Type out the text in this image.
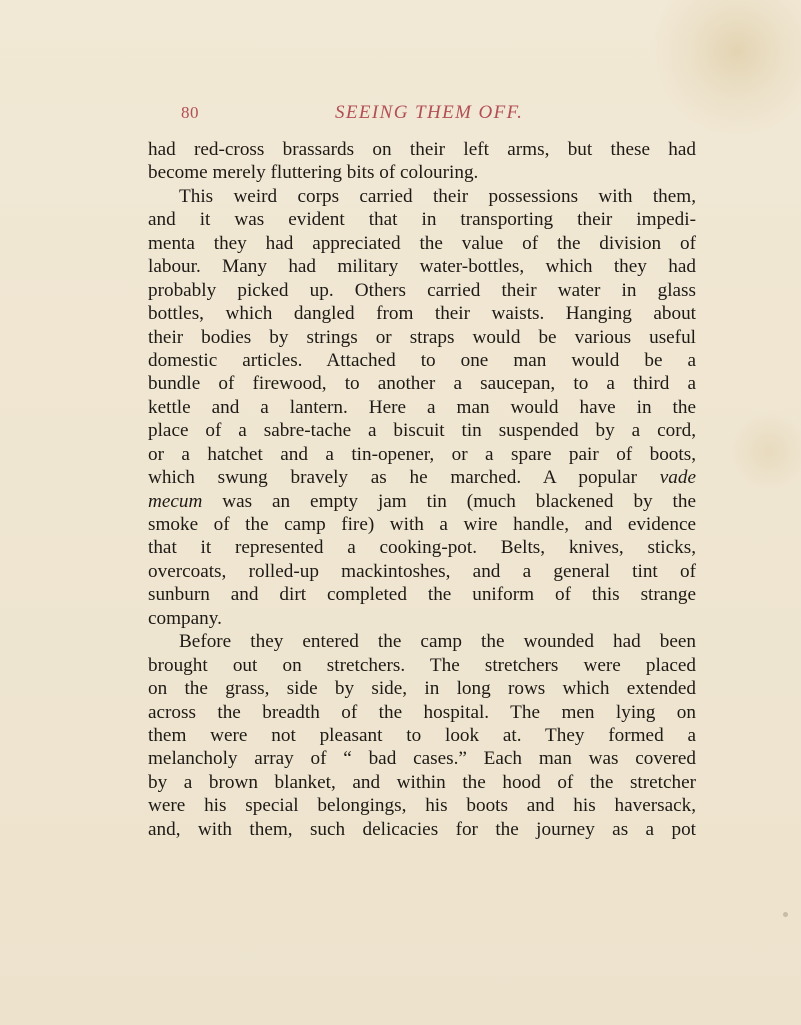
80	SEEING THEM OFF.
had red-cross brassards on their left arms, but these had
become merely fluttering bits of colouring.
This weird corps carried their possessions with them,
and it was evident that in transporting their impedi-
menta they had appreciated the value of the division of
labour. Many had military water-bottles, which they had
probably picked up. Others carried their water in glass
bottles, which dangled from their waists. Hanging about
their bodies by strings or straps would be various useful
domestic articles. Attached to one man would be a
bundle of firewood, to another a saucepan, to a third a
kettle and a lantern. Here a man would have in the
place of a sabre-tache a biscuit tin suspended by a cord,
or a hatchet and a tin-opener, or a spare pair of boots,
which swung bravely as he marched. A popular vade
mecum was an empty jam tin (much blackened by the
smoke of the camp fire) with a wire handle, and evidence
that it represented a cooking-pot. Belts, knives, sticks,
overcoats, rolled-up mackintoshes, and a general tint of
sunburn and dirt completed the uniform of this strange
company.
Before they entered the camp the wounded had been
brought out on stretchers. The stretchers were placed
on the grass, side by side, in long rows which extended
across the breadth of the hospital. The men lying on
them were not pleasant to look at. They formed a
melancholy array of “ bad cases.” Each man was covered
by a brown blanket, and within the hood of the stretcher
were his special belongings, his boots and his haversack,
and, with them, such delicacies for the journey as a pot
